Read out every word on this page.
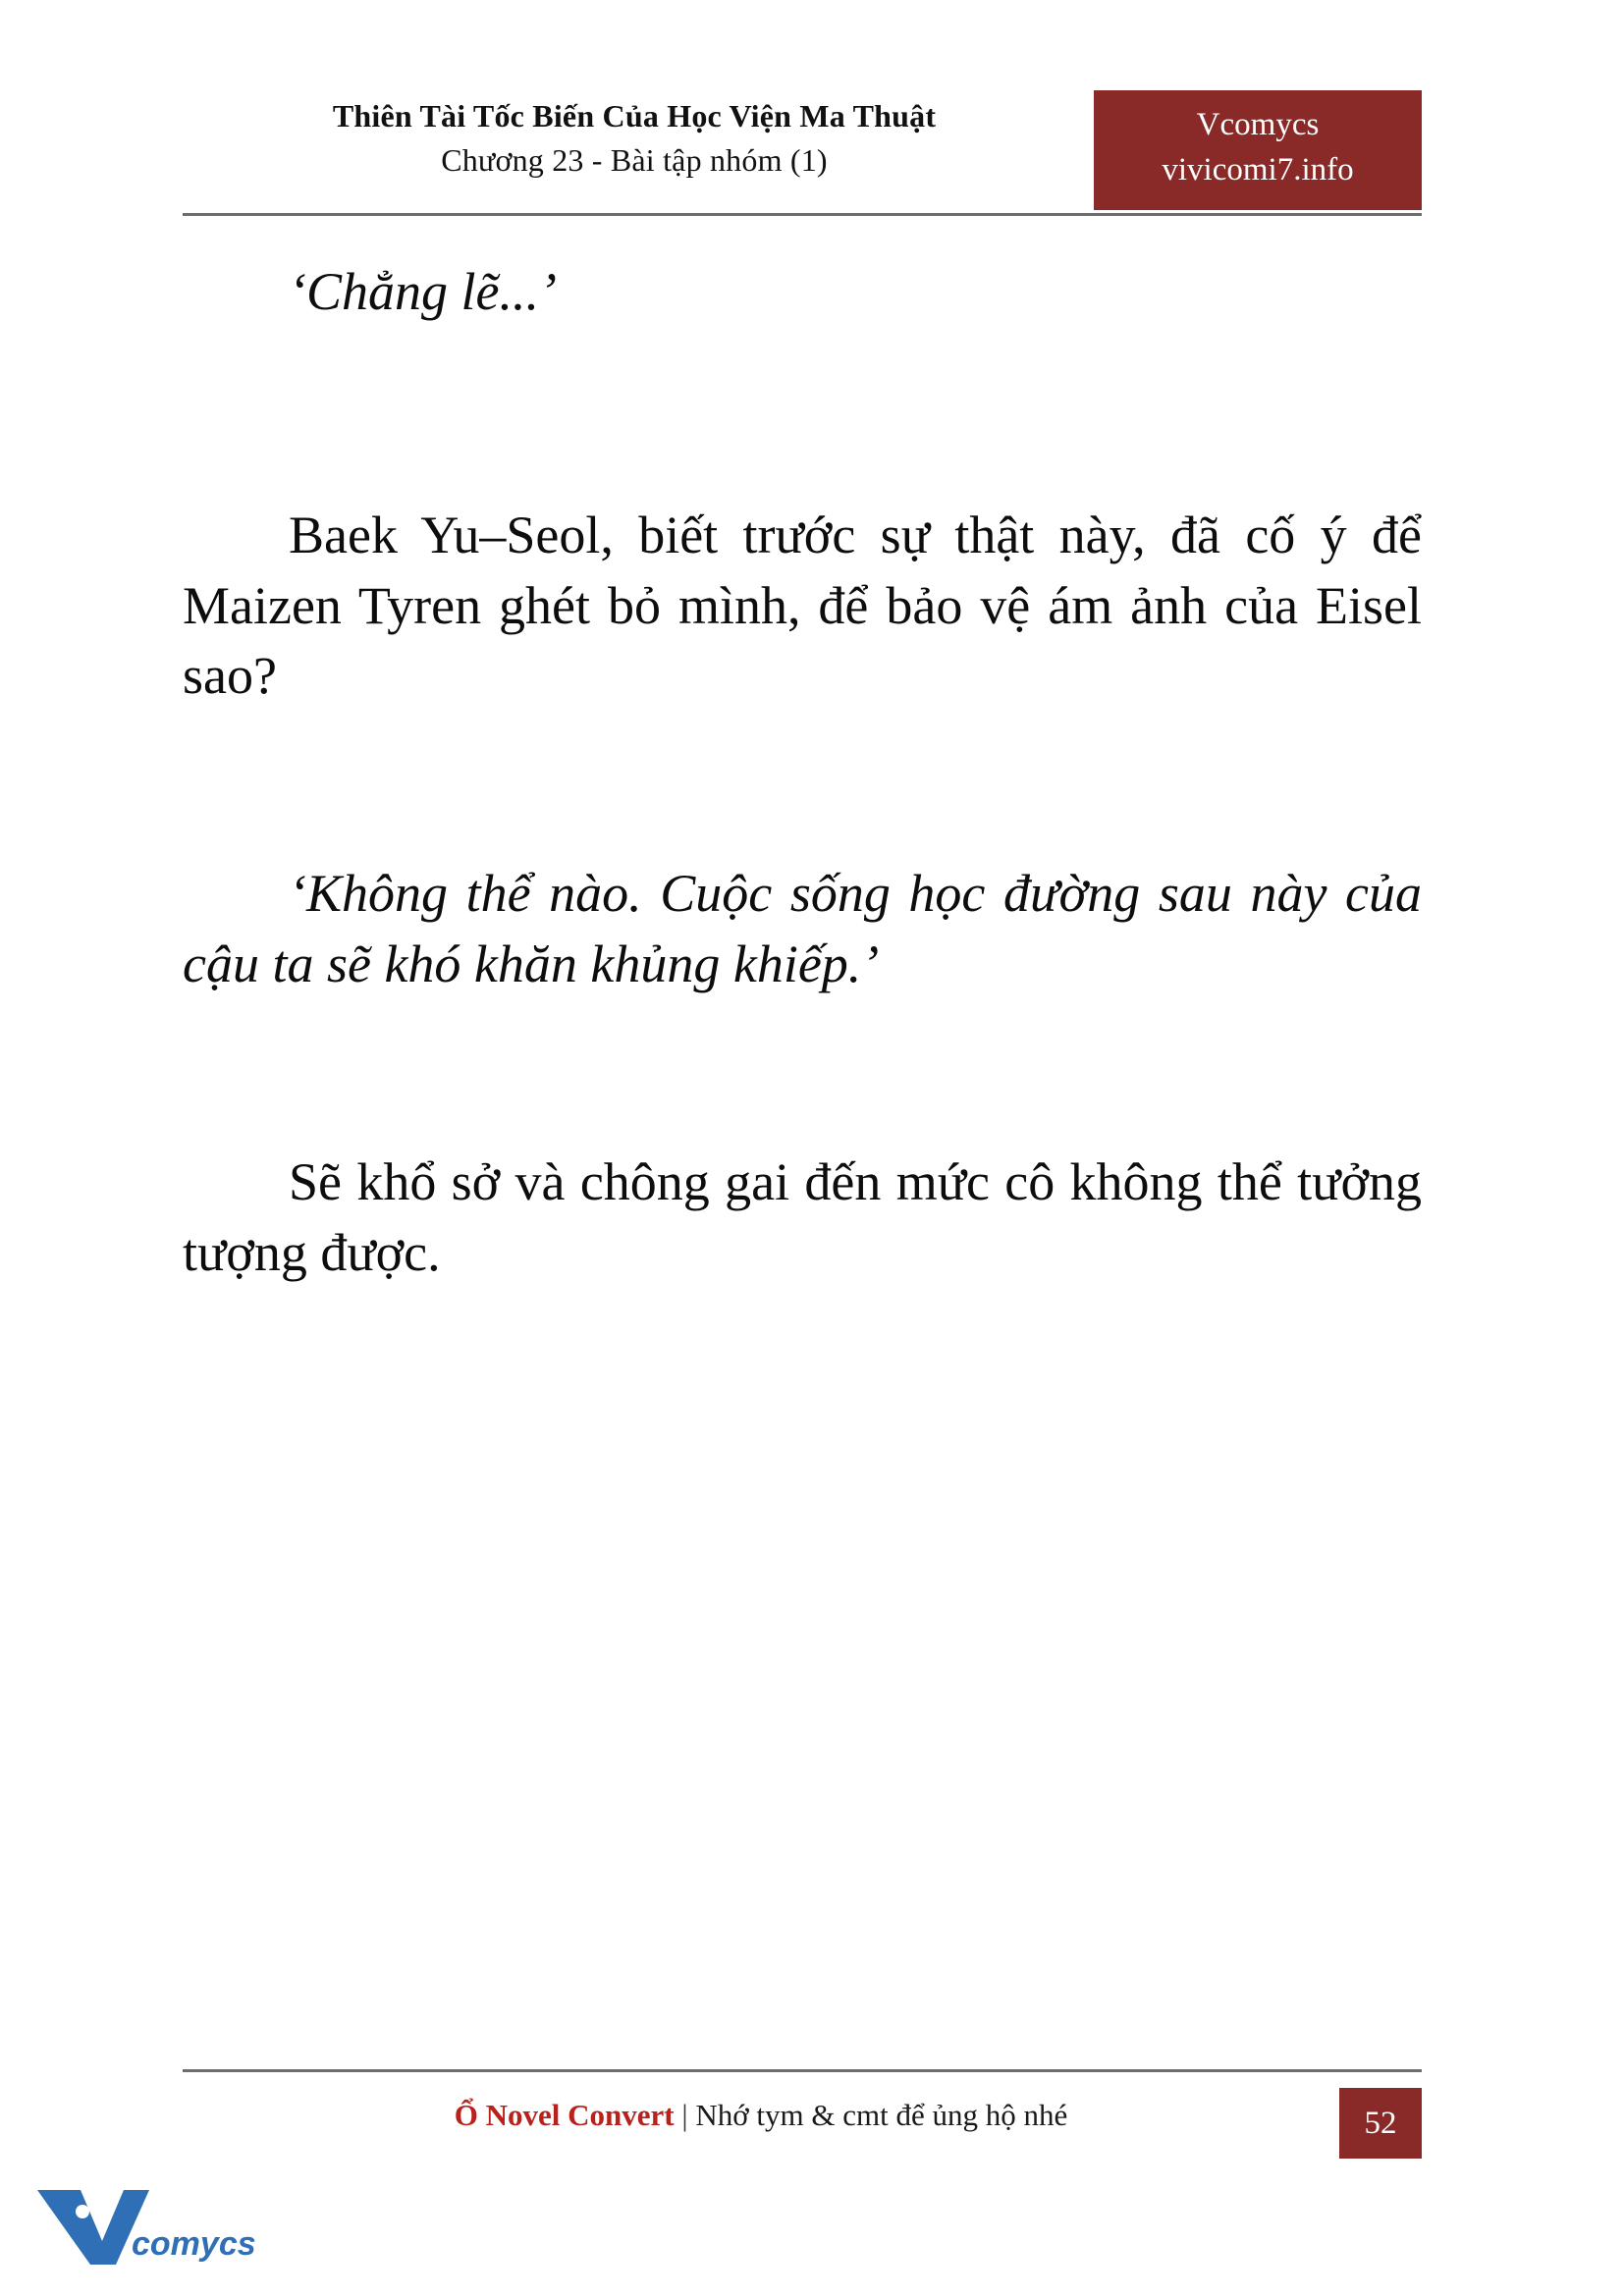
Thiên Tài Tốc Biến Của Học Viện Ma Thuật
Chương 23 - Bài tập nhóm (1)
Vcomycs
vivicomi7.info

‘Chẳng lẽ...’

Baek Yu–Seol, biết trước sự thật này, đã cố ý để Maizen Tyren ghét bỏ mình, để bảo vệ ám ảnh của Eisel sao?

‘Không thể nào. Cuộc sống học đường sau này của cậu ta sẽ khó khăn khủng khiếp.’

Sẽ khổ sở và chông gai đến mức cô không thể tưởng tượng được.

Ổ Novel Convert | Nhớ tym & cmt để ủng hộ nhé	52
comycs
